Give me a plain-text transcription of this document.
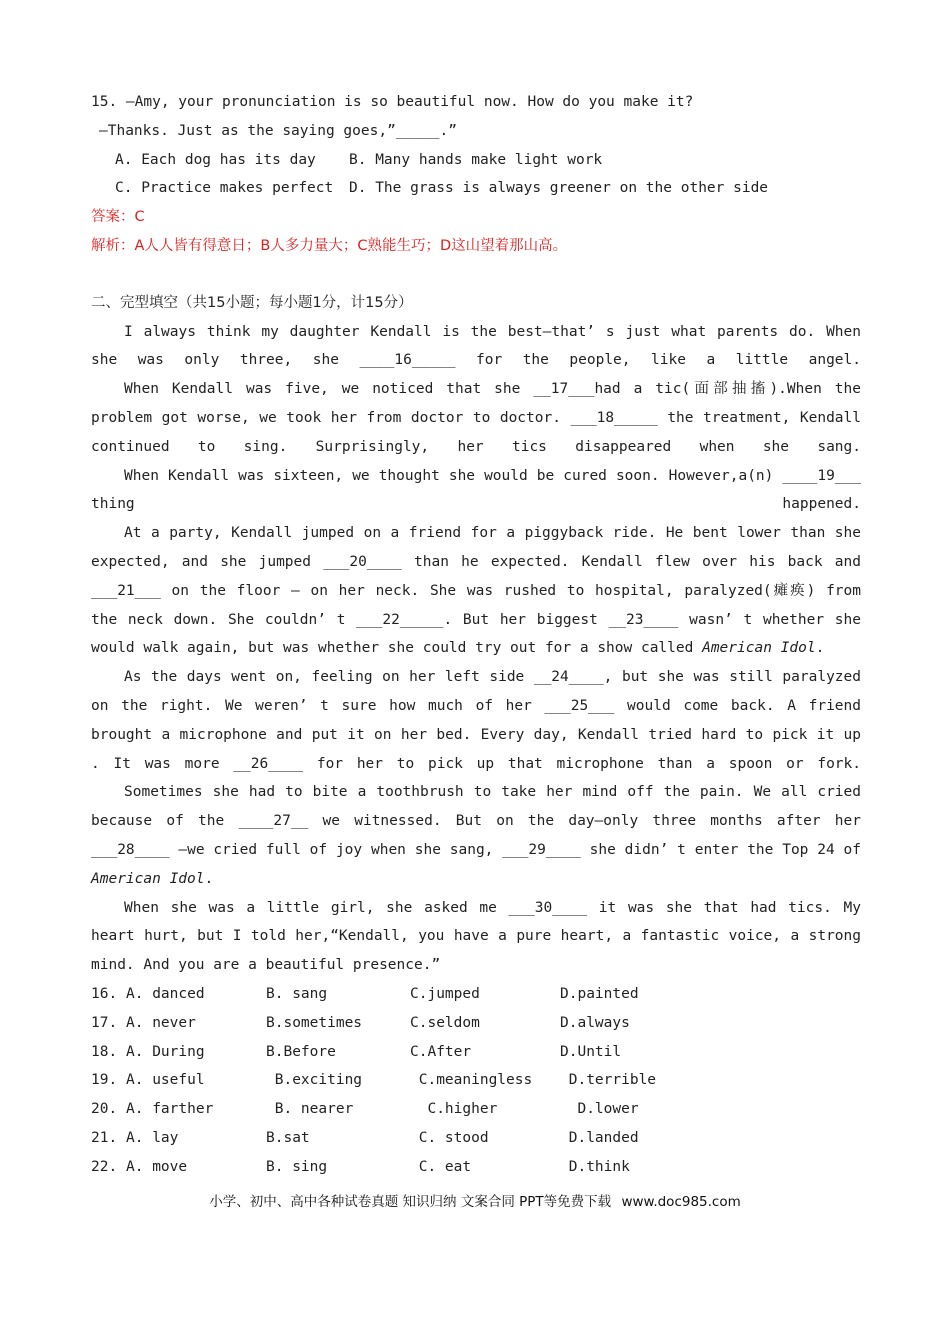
15. —Amy, your pronunciation is so beautiful now. How do you make it?
—Thanks. Just as the saying goes,”_____.”
A. Each dog has its day	B. Many hands make light work
C. Practice makes perfect	D. The grass is always greener on the other side
答案：C
解析：A人人皆有得意日；B人多力量大；C熟能生巧；D这山望着那山高。
二、完型填空（共15小题；每小题1分，计15分）

I always think my daughter Kendall is the best—that’ s just what parents do. When she was only three, she ____16_____ for the people, like a little angel.

When Kendall was five, we noticed that she __17___had a tic(面部抽搐).When the problem got worse, we took her from doctor to doctor. ___18_____ the treatment, Kendall continued to sing. Surprisingly, her tics disappeared when she sang.

When Kendall was sixteen, we thought she would be cured soon. However,a(n) ____19___ thing happened.

At a party, Kendall jumped on a friend for a piggyback ride. He bent lower than she expected, and she jumped ___20____ than he expected. Kendall flew over his back and ___21___ on the floor — on her neck. She was rushed to hospital, paralyzed(瘫痪) from the neck down. She couldn’ t ___22_____. But her biggest __23____ wasn’ t whether she would walk again, but was whether she could try out for a show called American Idol.

As the days went on, feeling on her left side __24____, but she was still paralyzed on the right. We weren’ t sure how much of her ___25___ would come back. A friend brought a microphone and put it on her bed. Every day, Kendall tried hard to pick it up . It was more __26____ for her to pick up that microphone than a spoon or fork.

Sometimes she had to bite a toothbrush to take her mind off the pain. We all cried because of the ____27__ we witnessed. But on the day—only three months after her ___28____ —we cried full of joy when she sang, ___29____ she didn’ t enter the Top 24 of American Idol.

When she was a little girl, she asked me ___30____ it was she that had tics. My heart hurt, but I told her,“Kendall, you have a pure heart, a fantastic voice, a strong mind. And you are a beautiful presence.”

16. A. danced	B. sang	C.jumped	D.painted
17. A. never	B.sometimes	C.seldom	D.always
18. A. During	B.Before	C.After	D.Until
19. A. useful	B.exciting	C.meaningless	D.terrible
20. A. farther	B. nearer	C.higher	D.lower
21. A. lay	B.sat	C. stood	D.landed
22. A. move	B. sing	C. eat	D.think
小学、初中、高中各种试卷真题 知识归纳 文案合同 PPT等免费下载 www.doc985.com
